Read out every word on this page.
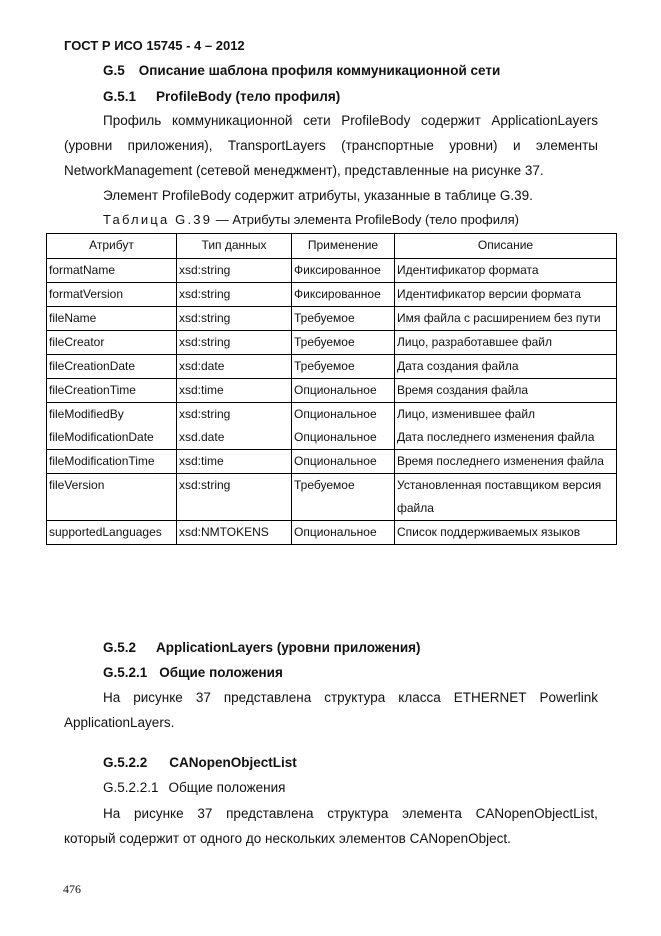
ГОСТ Р ИСО 15745 - 4 – 2012
G.5 Описание шаблона профиля коммуникационной сети
G.5.1 ProfileBody (тело профиля)
Профиль коммуникационной сети ProfileBody содержит ApplicationLayers
(уровни приложения), TransportLayers (транспортные уровни) и элементы
NetworkManagement (сетевой менеджмент), представленные на рисунке 37.
Элемент ProfileBody содержит атрибуты, указанные в таблице G.39.
Таблица G.39 — Атрибуты элемента ProfileBody (тело профиля)
Атрибут	Тип данных	Применение	Описание
formatName	xsd:string	Фиксированное	Идентификатор формата
formatVersion	xsd:string	Фиксированное	Идентификатор версии формата
fileName	xsd:string	Требуемое	Имя файла с расширением без пути
fileCreator	xsd:string	Требуемое	Лицо, разработавшее файл
fileCreationDate	xsd:date	Требуемое	Дата создания файла
fileCreationTime	xsd:time	Опциональное	Время создания файла
fileModifiedBy	xsd:string	Опциональное	Лицо, изменившее файл
fileModificationDate	xsd.date	Опциональное	Дата последнего изменения файла
fileModificationTime	xsd:time	Опциональное	Время последнего изменения файла
fileVersion	xsd:string	Требуемое	Установленная поставщиком версия файла
supportedLanguages	xsd:NMTOKENS	Опциональное	Список поддерживаемых языков
G.5.2 ApplicationLayers (уровни приложения)
G.5.2.1 Общие положения
На рисунке 37 представлена структура класса ETHERNET Powerlink
ApplicationLayers.
G.5.2.2 CANopenObjectList
G.5.2.2.1 Общие положения
На рисунке 37 представлена структура элемента CANopenObjectList,
который содержит от одного до нескольких элементов CANopenObject.
476
